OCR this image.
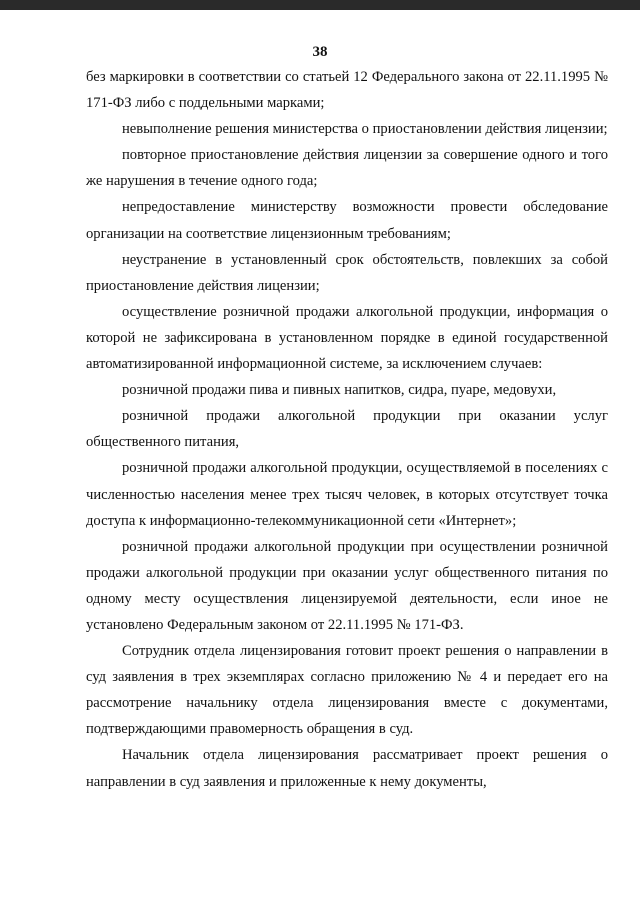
38

без маркировки в соответствии со статьей 12 Федерального закона от 22.11.1995 № 171-ФЗ либо с поддельными марками;

невыполнение решения министерства о приостановлении действия лицензии;

повторное приостановление действия лицензии за совершение одного и того же нарушения в течение одного года;

непредоставление министерству возможности провести обследование организации на соответствие лицензионным требованиям;

неустранение в установленный срок обстоятельств, повлекших за собой приостановление действия лицензии;

осуществление розничной продажи алкогольной продукции, информация о которой не зафиксирована в установленном порядке в единой государственной автоматизированной информационной системе, за исключением случаев:

розничной продажи пива и пивных напитков, сидра, пуаре, медовухи,

розничной продажи алкогольной продукции при оказании услуг общественного питания,

розничной продажи алкогольной продукции, осуществляемой в поселениях с численностью населения менее трех тысяч человек, в которых отсутствует точка доступа к информационно-телекоммуникационной сети «Интернет»;

розничной продажи алкогольной продукции при осуществлении розничной продажи алкогольной продукции при оказании услуг общественного питания по одному месту осуществления лицензируемой деятельности, если иное не установлено Федеральным законом от 22.11.1995 № 171-ФЗ.

Сотрудник отдела лицензирования готовит проект решения о направлении в суд заявления в трех экземплярах согласно приложению № 4 и передает его на рассмотрение начальнику отдела лицензирования вместе с документами, подтверждающими правомерность обращения в суд.

Начальник отдела лицензирования рассматривает проект решения о направлении в суд заявления и приложенные к нему документы,
